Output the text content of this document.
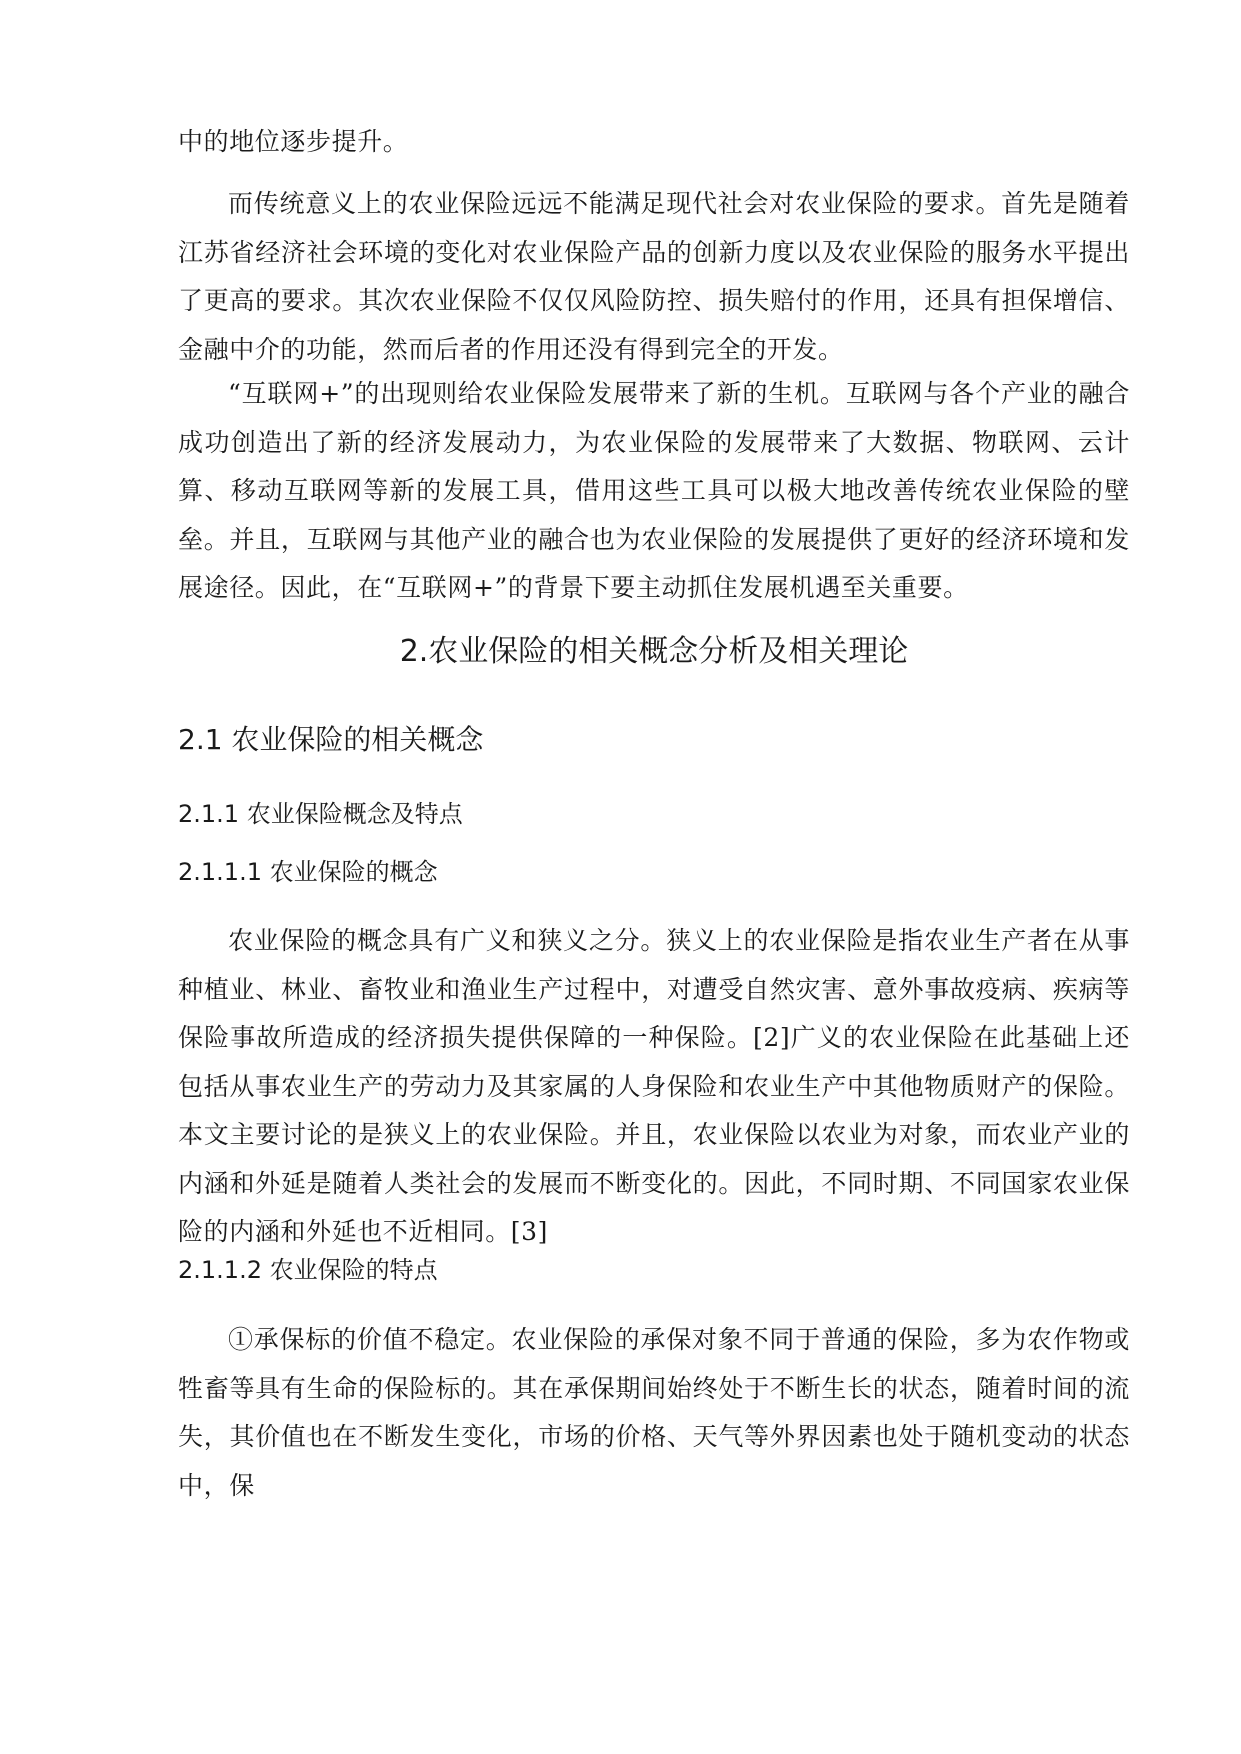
中的地位逐步提升。

而传统意义上的农业保险远远不能满足现代社会对农业保险的要求。首先是随着江苏省经济社会环境的变化对农业保险产品的创新力度以及农业保险的服务水平提出了更高的要求。其次农业保险不仅仅风险防控、损失赔付的作用，还具有担保增信、金融中介的功能，然而后者的作用还没有得到完全的开发。

“互联网+”的出现则给农业保险发展带来了新的生机。互联网与各个产业的融合成功创造出了新的经济发展动力，为农业保险的发展带来了大数据、物联网、云计算、移动互联网等新的发展工具，借用这些工具可以极大地改善传统农业保险的壁垒。并且，互联网与其他产业的融合也为农业保险的发展提供了更好的经济环境和发展途径。因此，在“互联网+”的背景下要主动抓住发展机遇至关重要。

2.农业保险的相关概念分析及相关理论
2.1 农业保险的相关概念
2.1.1 农业保险概念及特点
2.1.1.1 农业保险的概念

农业保险的概念具有广义和狭义之分。狭义上的农业保险是指农业生产者在从事种植业、林业、畜牧业和渔业生产过程中，对遭受自然灾害、意外事故疫病、疾病等保险事故所造成的经济损失提供保障的一种保险。[2]广义的农业保险在此基础上还包括从事农业生产的劳动力及其家属的人身保险和农业生产中其他物质财产的保险。本文主要讨论的是狭义上的农业保险。并且，农业保险以农业为对象，而农业产业的内涵和外延是随着人类社会的发展而不断变化的。因此，不同时期、不同国家农业保险的内涵和外延也不近相同。[3]

2.1.1.2 农业保险的特点

①承保标的价值不稳定。农业保险的承保对象不同于普通的保险，多为农作物或牲畜等具有生命的保险标的。其在承保期间始终处于不断生长的状态，随着时间的流失，其价值也在不断发生变化，市场的价格、天气等外界因素也处于随机变动的状态中，保
